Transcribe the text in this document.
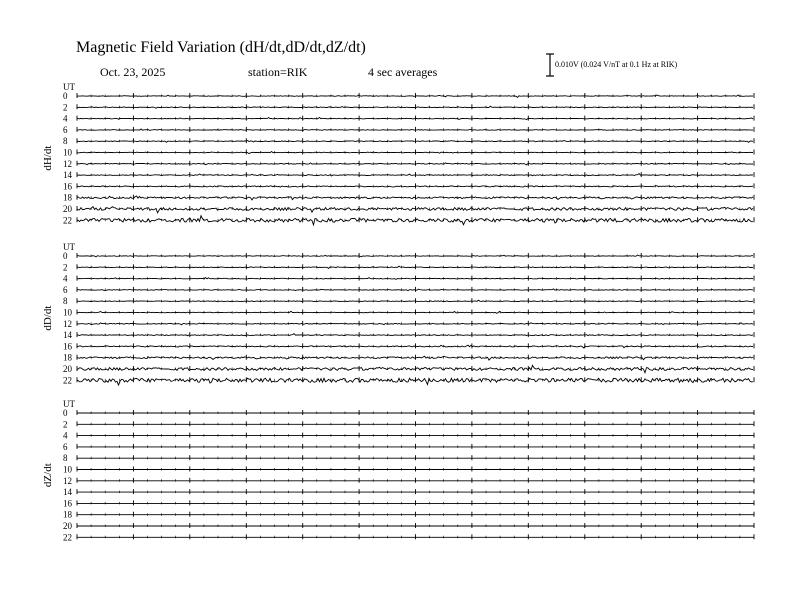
Magnetic Field Variation (dH/dt,dD/dt,dZ/dt)
Oct. 23, 2025	station=RIK	4 sec averages
0.010V (0.024 V/nT at 0.1 Hz at RIK)
UT
dH/dt
0
2
4
6
8
10
12
14
16
18
20
22
UT
dD/dt
0
2
4
6
8
10
12
14
16
18
20
22
UT
dZ/dt
0
2
4
6
8
10
12
14
16
18
20
22
